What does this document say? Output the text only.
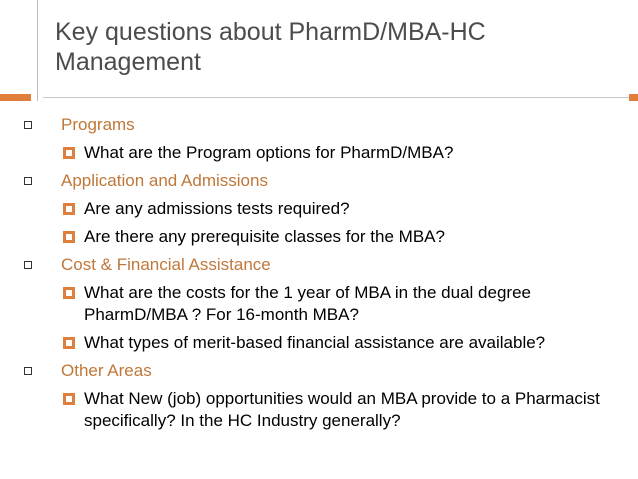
Key questions about PharmD/MBA-HC
Management
Programs
What are the Program options for PharmD/MBA?
Application and Admissions
Are any admissions tests required?
Are there any prerequisite classes for the MBA?
Cost & Financial Assistance
What are the costs for the 1 year of MBA in the dual degree PharmD/MBA ? For 16-month MBA?
What types of merit-based financial assistance are available?
Other Areas
What New (job) opportunities would an MBA provide to a Pharmacist specifically? In the HC Industry generally?
